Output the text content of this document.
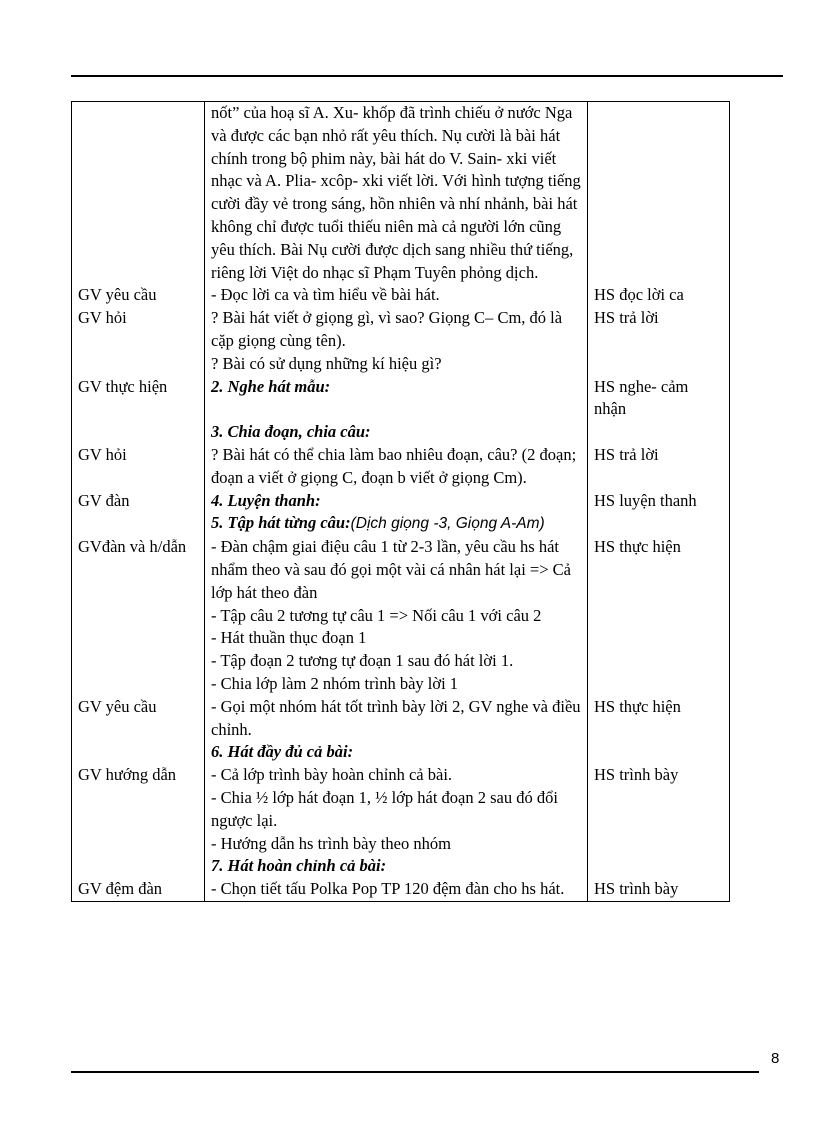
	nốt” của hoạ sĩ A. Xu- khốp đã trình chiếu ở nước Nga và được các bạn nhỏ rất yêu thích. Nụ cười là bài hát chính trong bộ phim này, bài hát do V. Sain- xki viết nhạc và A. Plia- xcôp- xki viết lời. Với hình tượng tiếng cười đầy vẻ trong sáng, hồn nhiên và nhí nhảnh, bài hát không chỉ được tuổi thiếu niên mà cả người lớn cũng yêu thích. Bài Nụ cười được dịch sang nhiều thứ tiếng, riêng lời Việt do nhạc sĩ Phạm Tuyên phỏng dịch.	
GV yêu cầu	- Đọc lời ca và tìm hiểu về bài hát.	HS đọc lời ca
GV hỏi	? Bài hát viết ở giọng gì, vì sao? Giọng C– Cm, đó là cặp giọng cùng tên).	HS trả lời
	? Bài có sử dụng những kí hiệu gì?	
GV thực hiện	2. Nghe hát mẫu:	HS nghe- cảm nhận
	3. Chia đoạn, chia câu:	
GV hỏi	? Bài hát có thể chia làm bao nhiêu đoạn, câu? (2 đoạn; đoạn a viết ở giọng C, đoạn b viết ở giọng Cm).	HS trả lời
GV đàn	4. Luyện thanh:	HS luyện thanh
	5. Tập hát từng câu:(Dịch giọng -3, Giọng A-Am)	
GVđàn và h/dẫn	- Đàn chậm giai điệu câu 1 từ 2-3 lần, yêu cầu hs hát nhẩm theo và sau đó gọi một vài cá nhân hát lại => Cả lớp hát theo đàn	HS thực hiện
	- Tập câu 2 tương tự câu 1 => Nối câu 1 với câu 2	
	- Hát thuần thục đoạn 1	
	- Tập đoạn 2 tương tự đoạn 1 sau đó hát lời 1.	
	- Chia lớp làm 2 nhóm trình bày lời 1	
GV yêu cầu	- Gọi một nhóm hát tốt trình bày lời 2, GV nghe và điều chỉnh.	HS thực hiện
	6. Hát đầy đủ cả bài:	
GV hướng dẫn	- Cả lớp trình bày hoàn chỉnh cả bài.	HS trình bày
	- Chia ½ lớp hát đoạn 1, ½ lớp hát đoạn 2 sau đó đổi ngược lại.	
	- Hướng dẫn hs trình bày theo nhóm	
	7. Hát hoàn chỉnh cả bài:	
GV đệm đàn	- Chọn tiết tấu Polka Pop TP 120 đệm đàn cho hs hát.	HS trình bày
8
